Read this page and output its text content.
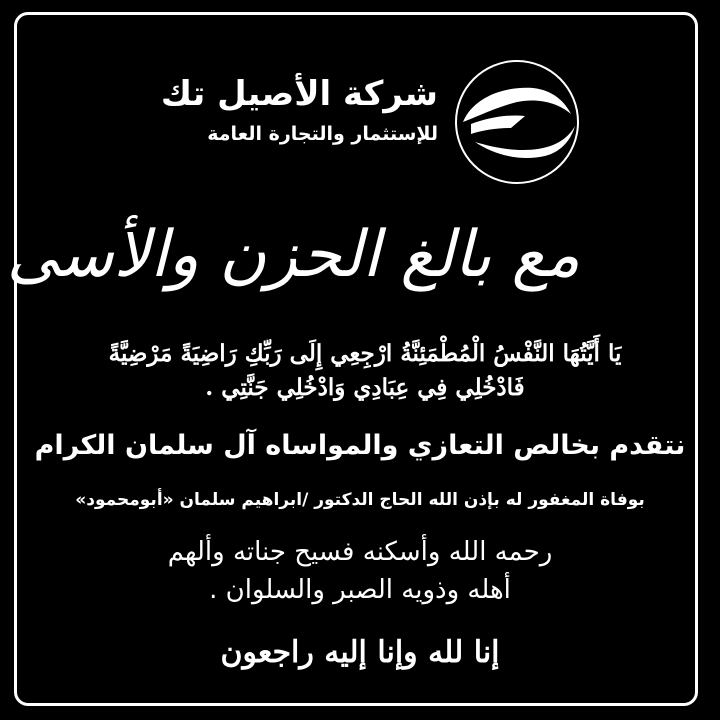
شركة الأصيل تك
للإستثمار والتجارة العامة
مع بالغ الحزن والأسى
يَا أَيَّتُهَا النَّفْسُ الْمُطْمَئِنَّةُ ارْجِعِي إِلَى رَبِّكِ رَاضِيَةً مَرْضِيَّةً
فَادْخُلِي فِي عِبَادِي وَادْخُلِي جَنَّتِي .
نتقدم بخالص التعازي والمواساه آل سلمان الكرام
بوفاة المغفور له بإذن الله الحاج الدكتور /ابراهيم سلمان «أبومحمود»
رحمه الله وأسكنه فسيح جناته وألهم
أهله وذويه الصبر والسلوان .
إنا لله وإنا إليه راجعون
